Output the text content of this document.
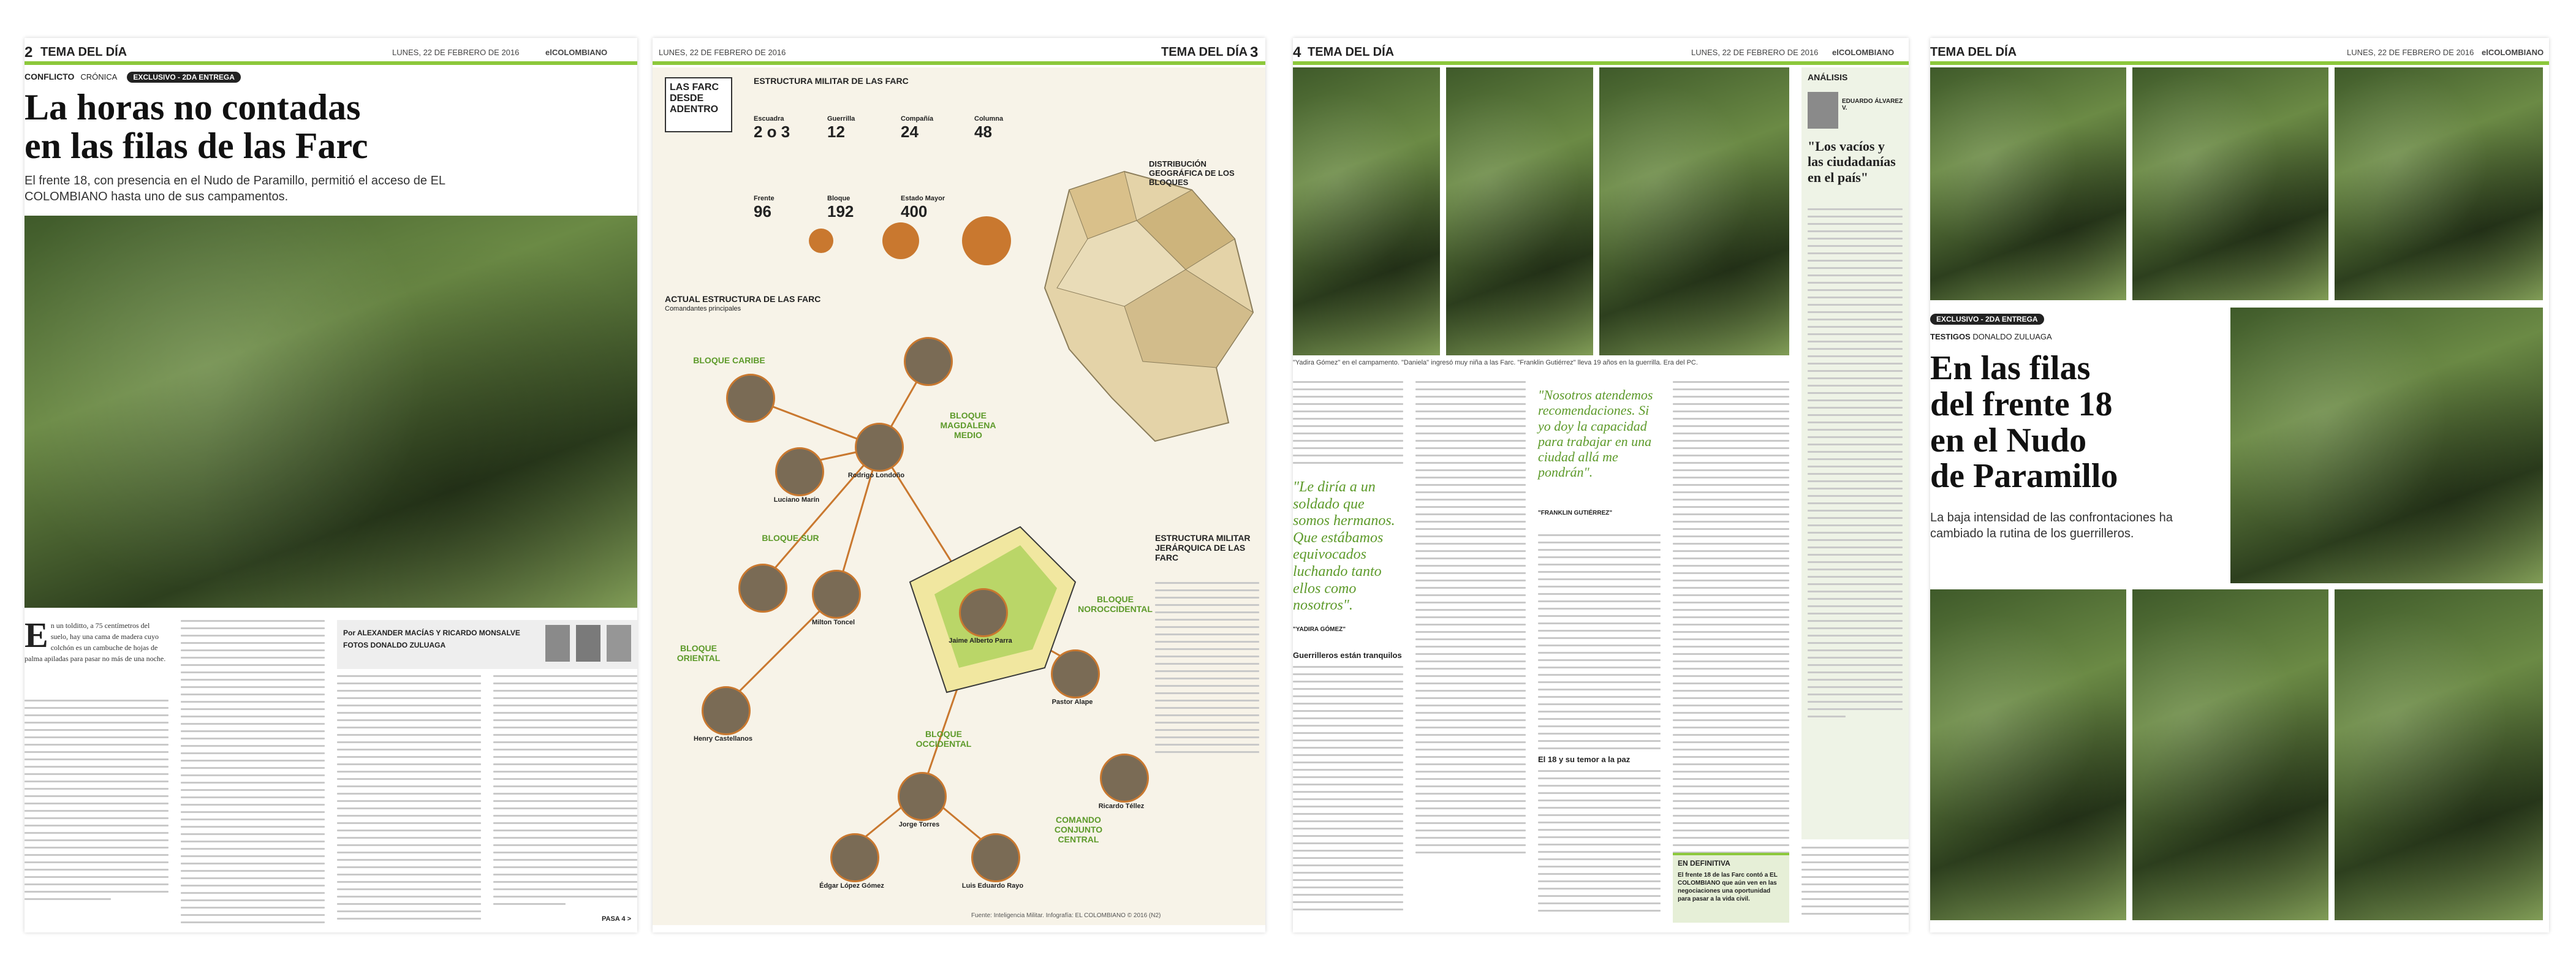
2 TEMA DEL DÍA	LUNES, 22 DE FEBRERO DE 2016	elCOLOMBIANO
CONFLICTO CRÓNICA EXCLUSIVO - 2DA ENTREGA
La horas no contadas
en las filas de las Farc
El frente 18, con presencia en el Nudo de Paramillo, permitió el acceso de EL COLOMBIANO hasta uno de sus campamentos.
E n un tolditto, a 75 centímetros del suelo, hay una cama de madera cuyo colchón es un cambuche de hojas de palma apiladas para pasar no más de una noche.
Por ALEXANDER MACÍAS Y RICARDO MONSALVE
FOTOS DONALDO ZULUAGA
PASA 4 >
LUNES, 22 DE FEBRERO DE 2016	TEMA DEL DÍA 3
LAS FARC DESDE ADENTRO
ESTRUCTURA MILITAR DE LAS FARC
Escuadra
2 o 3
Guerrilla
12
Compañía
24
Columna
48
Frente
96
Bloque
192
Estado Mayor
400
DISTRIBUCIÓN GEOGRÁFICA DE LOS BLOQUES
ACTUAL ESTRUCTURA DE LAS FARC
Comandantes principales
Rodrigo Londoño
Luciano Marín
Milton Toncel
Jaime Alberto Parra
Henry Castellanos
Jorge Torres
Pastor Alape
Édgar López Gómez	Luis Eduardo Rayo
Ricardo Téllez
BLOQUE CARIBE
BLOQUE MAGDALENA MEDIO
BLOQUE ORIENTAL
BLOQUE SUR
BLOQUE OCCIDENTAL
COMANDO CONJUNTO CENTRAL
BLOQUE NOROCCIDENTAL
ESTRUCTURA MILITAR JERÁRQUICA DE LAS FARC
Fuente: Inteligencia Militar. Infografía: EL COLOMBIANO © 2016 (N2)
4 TEMA DEL DÍA	LUNES, 22 DE FEBRERO DE 2016 elCOLOMBIANO
"Yadira Gómez" en el campamento. "Daniela" ingresó muy niña a las Farc. "Franklin Gutiérrez" lleva 19 años en la guerrilla. Era del PC.
ANÁLISIS
EDUARDO ÁLVAREZ V.
"Los vacíos y las ciudadanías en el país"
"Le diría a un soldado que somos hermanos. Que estábamos equivocados luchando tanto ellos como nosotros".
"YADIRA GÓMEZ"
Guerrilleros están tranquilos
"Nosotros atendemos recomendaciones. Si yo doy la capacidad para trabajar en una ciudad allá me pondrán".
"FRANKLIN GUTIÉRREZ"
El 18 y su temor a la paz
EN DEFINITIVA
El frente 18 de las Farc contó a EL COLOMBIANO que aún ven en las negociaciones una oportunidad para pasar a la vida civil.
TEMA DEL DÍA	LUNES, 22 DE FEBRERO DE 2016 elCOLOMBIANO
EXCLUSIVO - 2DA ENTREGA
TESTIGOS DONALDO ZULUAGA
En las filas
del frente 18
en el Nudo
de Paramillo
La baja intensidad de las confrontaciones ha cambiado la rutina de los guerrilleros.
